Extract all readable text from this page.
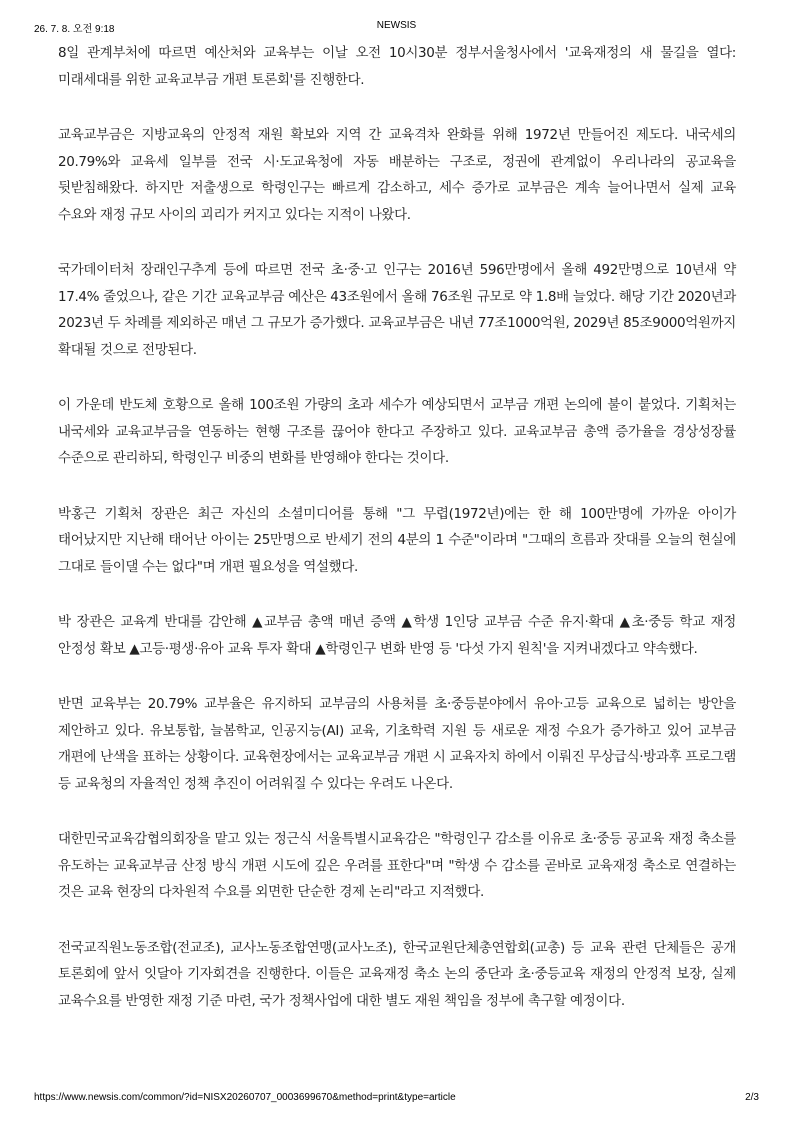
26. 7. 8. 오전 9:18	NEWSIS

8일 관계부처에 따르면 예산처와 교육부는 이날 오전 10시30분 정부서울청사에서 '교육재정의 새 물길을 열다: 미래세대를 위한 교육교부금 개편 토론회'를 진행한다.

교육교부금은 지방교육의 안정적 재원 확보와 지역 간 교육격차 완화를 위해 1972년 만들어진 제도다. 내국세의 20.79%와 교육세 일부를 전국 시·도교육청에 자동 배분하는 구조로, 정권에 관계없이 우리나라의 공교육을 뒷받침해왔다. 하지만 저출생으로 학령인구는 빠르게 감소하고, 세수 증가로 교부금은 계속 늘어나면서 실제 교육 수요와 재정 규모 사이의 괴리가 커지고 있다는 지적이 나왔다.

국가데이터처 장래인구추계 등에 따르면 전국 초·중·고 인구는 2016년 596만명에서 올해 492만명으로 10년새 약 17.4% 줄었으나, 같은 기간 교육교부금 예산은 43조원에서 올해 76조원 규모로 약 1.8배 늘었다. 해당 기간 2020년과 2023년 두 차례를 제외하곤 매년 그 규모가 증가했다. 교육교부금은 내년 77조1000억원, 2029년 85조9000억원까지 확대될 것으로 전망된다.

이 가운데 반도체 호황으로 올해 100조원 가량의 초과 세수가 예상되면서 교부금 개편 논의에 불이 붙었다. 기획처는 내국세와 교육교부금을 연동하는 현행 구조를 끊어야 한다고 주장하고 있다. 교육교부금 총액 증가율을 경상성장률 수준으로 관리하되, 학령인구 비중의 변화를 반영해야 한다는 것이다.

박홍근 기획처 장관은 최근 자신의 소셜미디어를 통해 "그 무렵(1972년)에는 한 해 100만명에 가까운 아이가 태어났지만 지난해 태어난 아이는 25만명으로 반세기 전의 4분의 1 수준"이라며 "그때의 흐름과 잣대를 오늘의 현실에 그대로 들이댈 수는 없다"며 개편 필요성을 역설했다.

박 장관은 교육계 반대를 감안해 ▲교부금 총액 매년 증액 ▲학생 1인당 교부금 수준 유지·확대 ▲초·중등 학교 재정 안정성 확보 ▲고등·평생·유아 교육 투자 확대 ▲학령인구 변화 반영 등 '다섯 가지 원칙'을 지켜내겠다고 약속했다.

반면 교육부는 20.79% 교부율은 유지하되 교부금의 사용처를 초·중등분야에서 유아·고등 교육으로 넓히는 방안을 제안하고 있다. 유보통합, 늘봄학교, 인공지능(AI) 교육, 기초학력 지원 등 새로운 재정 수요가 증가하고 있어 교부금 개편에 난색을 표하는 상황이다. 교육현장에서는 교육교부금 개편 시 교육자치 하에서 이뤄진 무상급식·방과후 프로그램 등 교육청의 자율적인 정책 추진이 어려워질 수 있다는 우려도 나온다.

대한민국교육감협의회장을 맡고 있는 정근식 서울특별시교육감은 "학령인구 감소를 이유로 초·중등 공교육 재정 축소를 유도하는 교육교부금 산정 방식 개편 시도에 깊은 우려를 표한다"며 "학생 수 감소를 곧바로 교육재정 축소로 연결하는 것은 교육 현장의 다차원적 수요를 외면한 단순한 경제 논리"라고 지적했다.

전국교직원노동조합(전교조), 교사노동조합연맹(교사노조), 한국교원단체총연합회(교총) 등 교육 관련 단체들은 공개 토론회에 앞서 잇달아 기자회견을 진행한다. 이들은 교육재정 축소 논의 중단과 초·중등교육 재정의 안정적 보장, 실제 교육수요를 반영한 재정 기준 마련, 국가 정책사업에 대한 별도 재원 책임을 정부에 촉구할 예정이다.

https://www.newsis.com/common/?id=NISX20260707_0003699670&method=print&type=article	2/3
